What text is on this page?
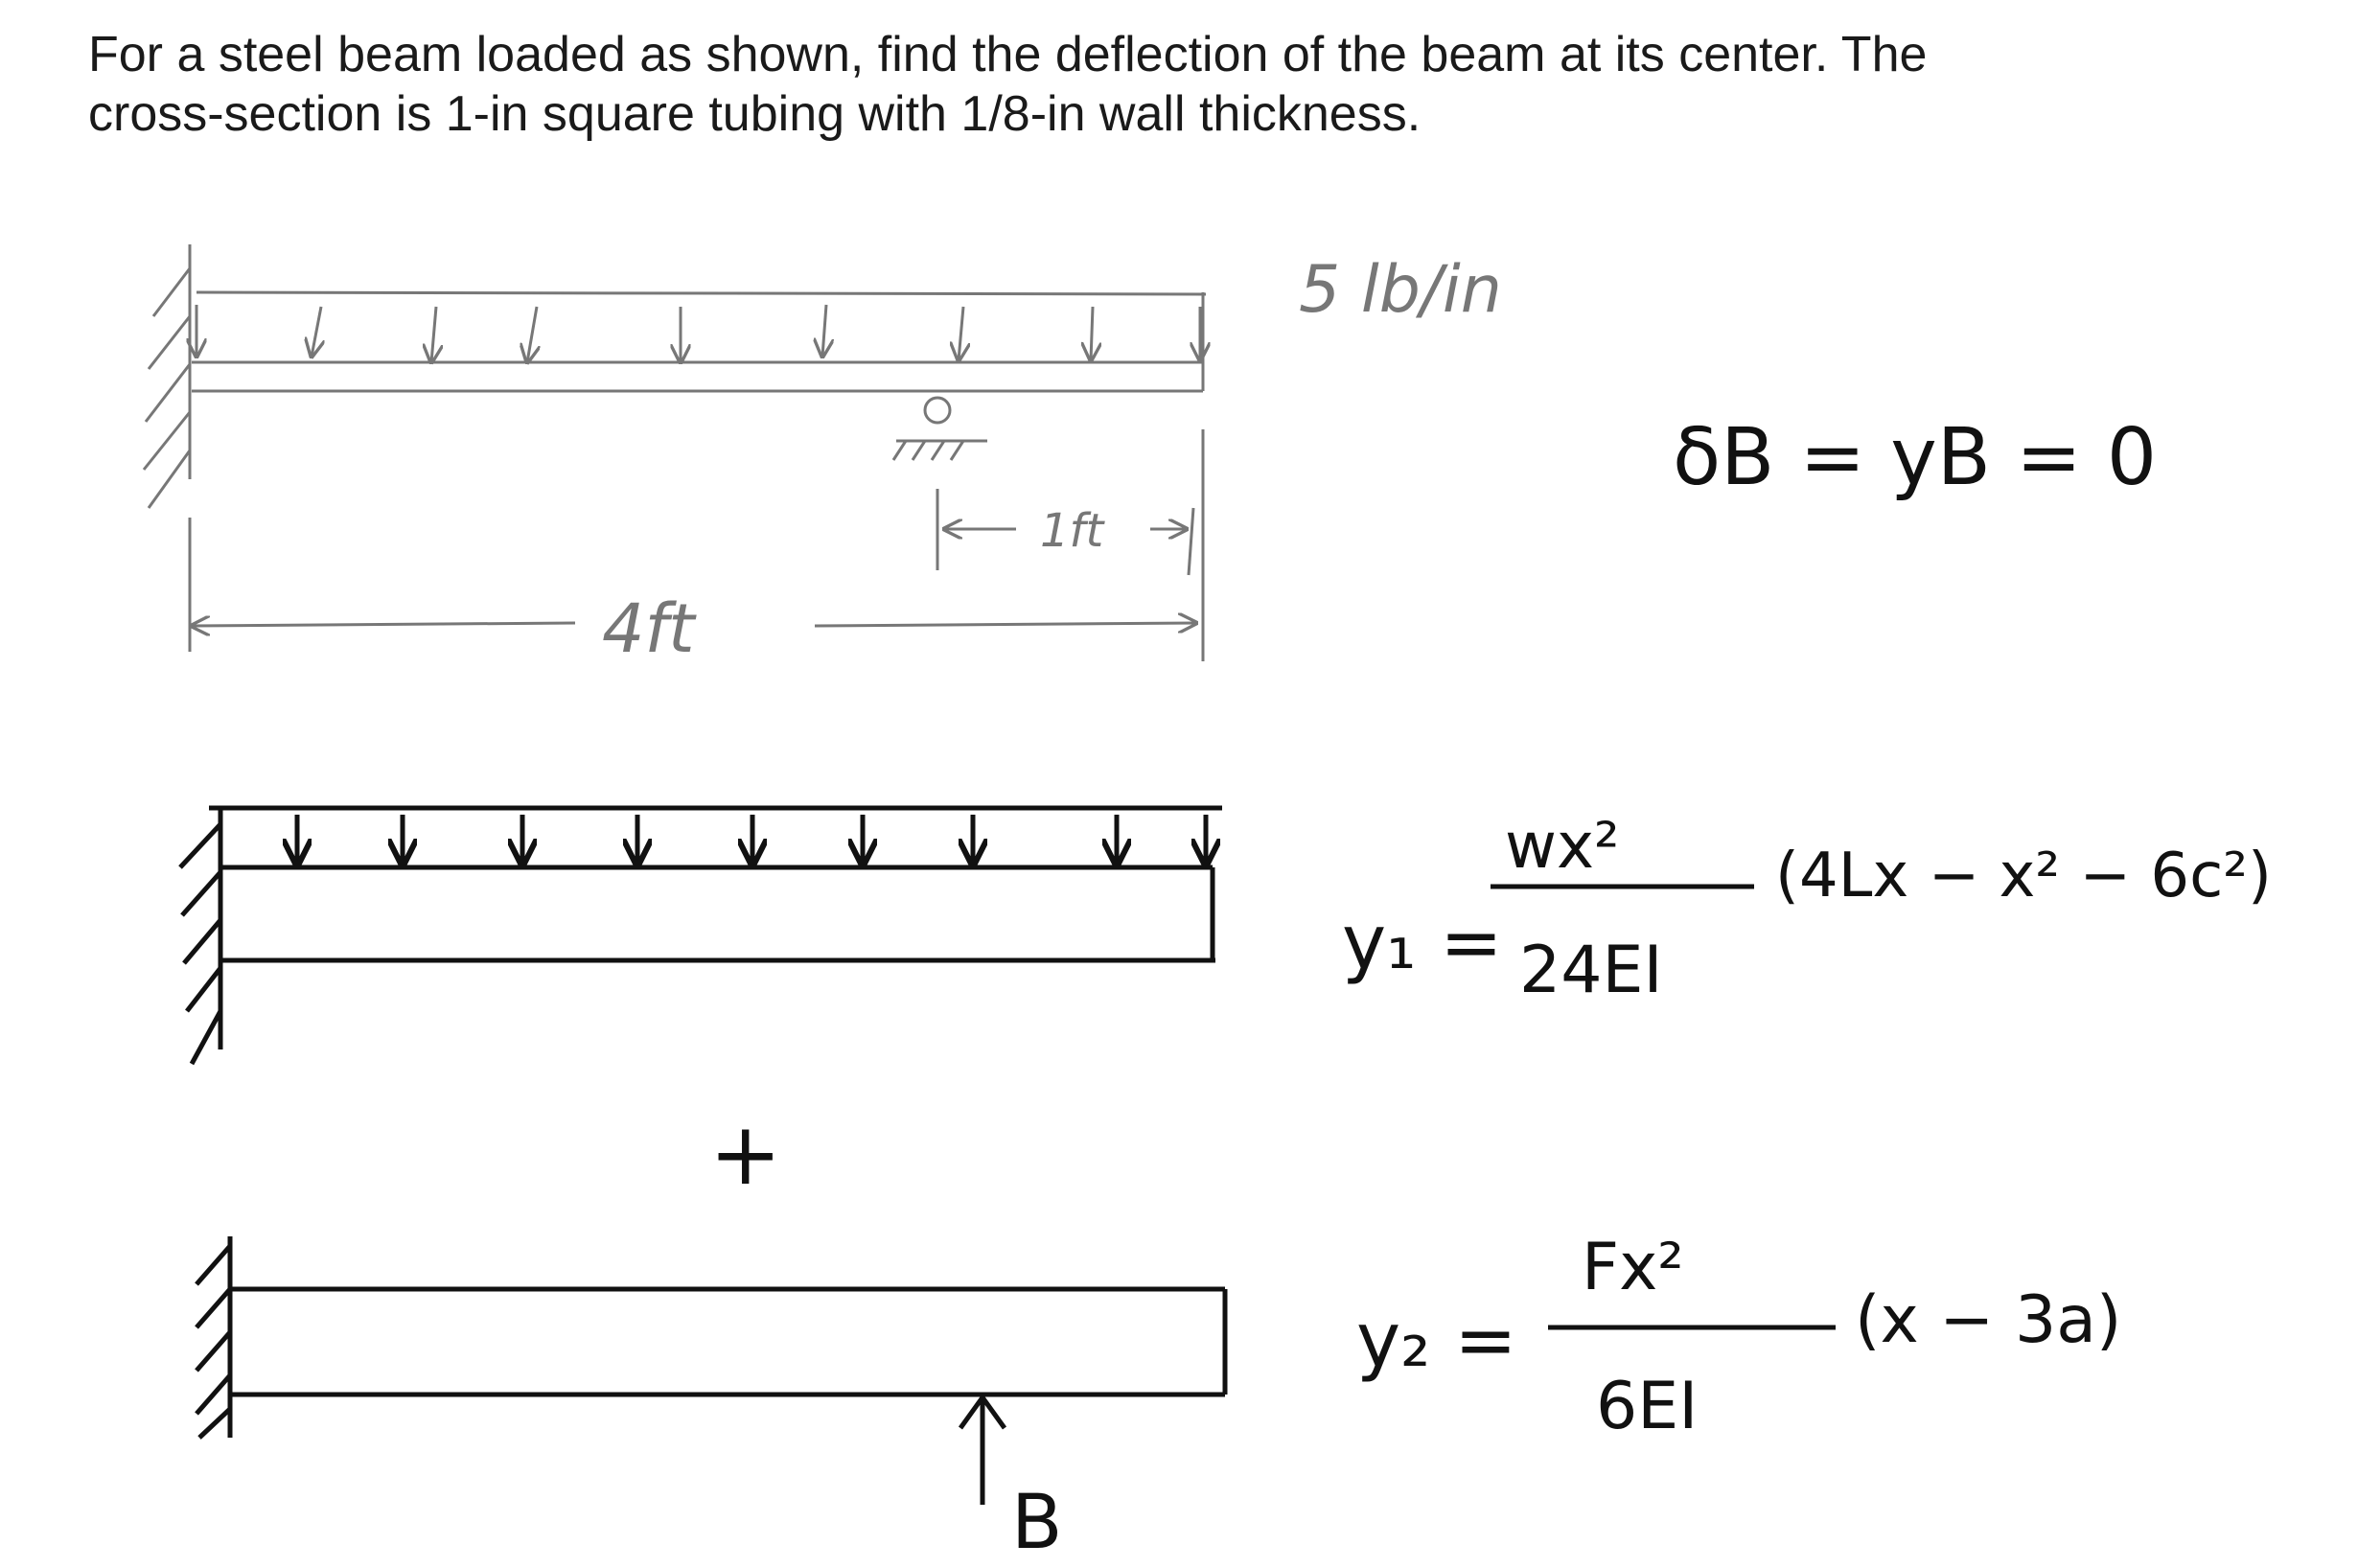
For a steel beam loaded as shown, find the deflection of the beam at its center. The

cross-section is 1-in square tubing with 1/8-in wall thickness.

5 lb/in
4ft
1ft
δB = yB = 0
y₁ =
wx²
24EI
(4Lx − x² − 6c²)
y₂ =
Fx²
6EI
(x − 3a)
+
B
